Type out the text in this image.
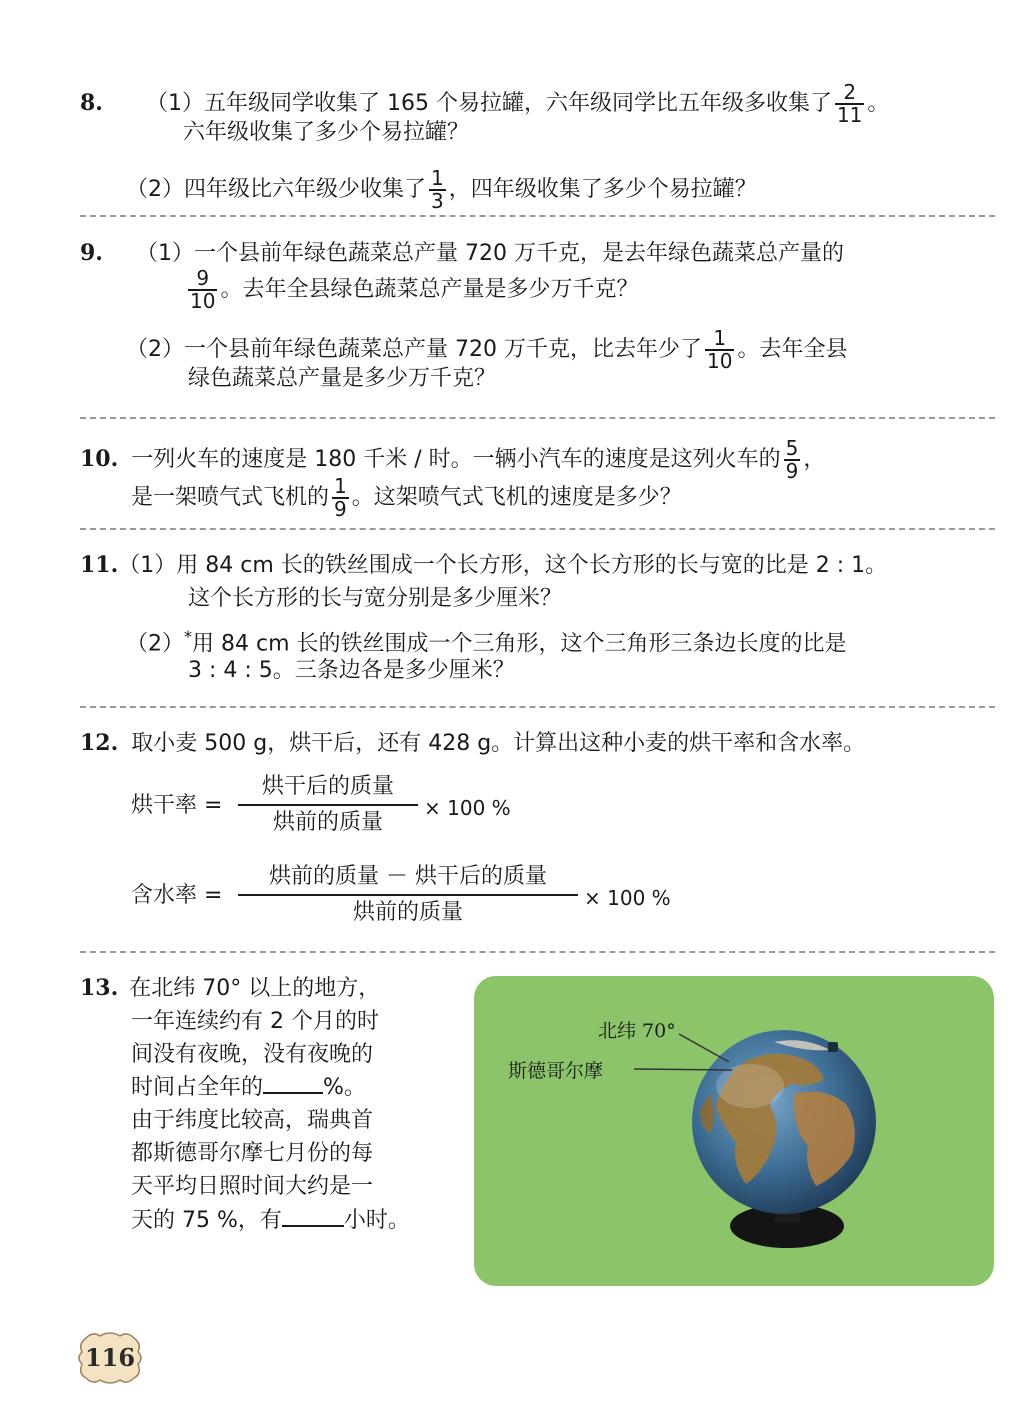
8. （1）五年级同学收集了 165 个易拉罐，六年级同学比五年级多收集了 $\frac{2}{11}$ 。
六年级收集了多少个易拉罐？
（2）四年级比六年级少收集了 $\frac{1}{3}$ ，四年级收集了多少个易拉罐？
9. （1）一个县前年绿色蔬菜总产量 720 万千克，是去年绿色蔬菜总产量的
$\frac{9}{10}$ 。去年全县绿色蔬菜总产量是多少万千克？
（2）一个县前年绿色蔬菜总产量 720 万千克，比去年少了 $\frac{1}{10}$ 。去年全县
绿色蔬菜总产量是多少万千克？
10. 一列火车的速度是 180 千米 / 时。一辆小汽车的速度是这列火车的 $\frac{5}{9}$ ，
是一架喷气式飞机的 $\frac{1}{9}$ 。这架喷气式飞机的速度是多少？
11.（1）用 84 cm 长的铁丝围成一个长方形，这个长方形的长与宽的比是 2 : 1。
这个长方形的长与宽分别是多少厘米？
（2）*用 84 cm 长的铁丝围成一个三角形，这个三角形三条边长度的比是
3 : 4 : 5。三条边各是多少厘米？
12. 取小麦 500 g，烘干后，还有 428 g。计算出这种小麦的烘干率和含水率。
烘干率 =
烘干后的质量
烘前的质量
× 100 %
含水率 =
烘前的质量 － 烘干后的质量
烘前的质量
× 100 %
13. 在北纬 70° 以上的地方，
一年连续约有 2 个月的时
间没有夜晚，没有夜晚的
时间占全年的	%。
由于纬度比较高，瑞典首
都斯德哥尔摩七月份的每
天平均日照时间大约是一
天的 75 %，有	小时。
北纬 70°
斯德哥尔摩
116
